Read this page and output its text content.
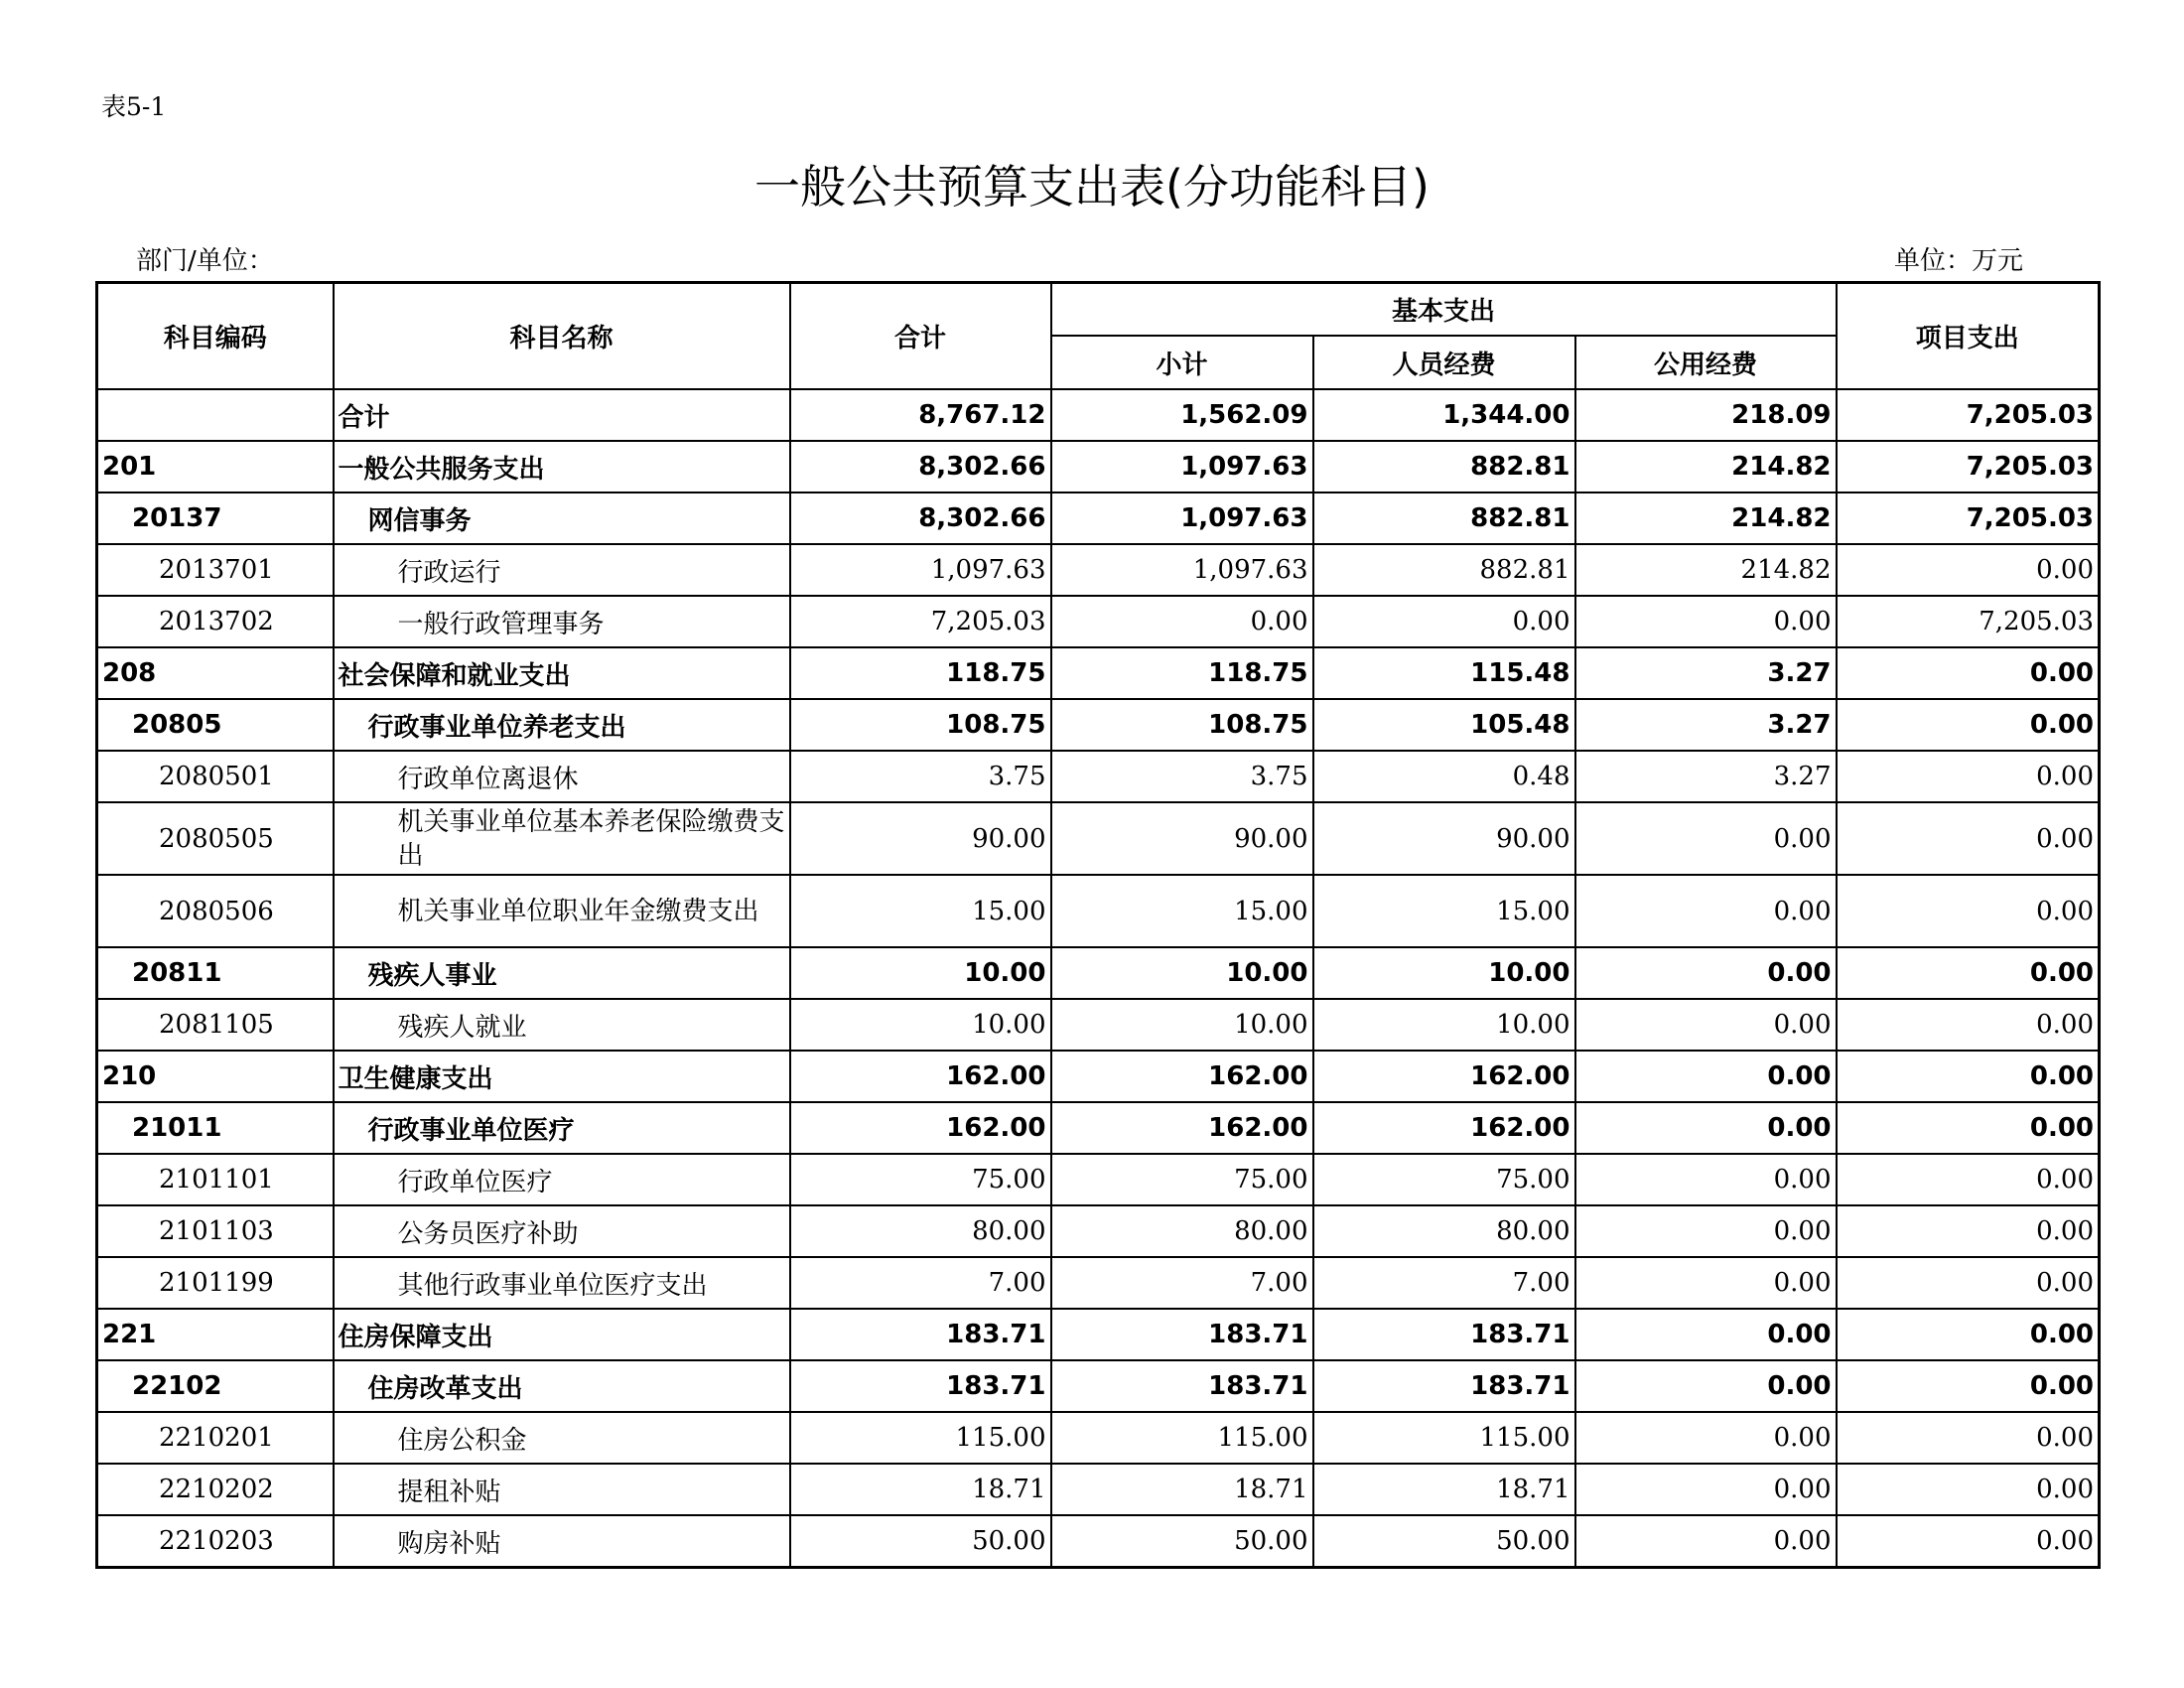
表5-1
一般公共预算支出表(分功能科目)
部门/单位：	单位：万元
科目编码	科目名称	合计	基本支出			项目支出
			小计	人员经费	公用经费	
	合计	8,767.12	1,562.09	1,344.00	218.09	7,205.03
201	一般公共服务支出	8,302.66	1,097.63	882.81	214.82	7,205.03
20137	网信事务	8,302.66	1,097.63	882.81	214.82	7,205.03
2013701	行政运行	1,097.63	1,097.63	882.81	214.82	0.00
2013702	一般行政管理事务	7,205.03	0.00	0.00	0.00	7,205.03
208	社会保障和就业支出	118.75	118.75	115.48	3.27	0.00
20805	行政事业单位养老支出	108.75	108.75	105.48	3.27	0.00
2080501	行政单位离退休	3.75	3.75	0.48	3.27	0.00
2080505	机关事业单位基本养老保险缴费支出	90.00	90.00	90.00	0.00	0.00
2080506	机关事业单位职业年金缴费支出	15.00	15.00	15.00	0.00	0.00
20811	残疾人事业	10.00	10.00	10.00	0.00	0.00
2081105	残疾人就业	10.00	10.00	10.00	0.00	0.00
210	卫生健康支出	162.00	162.00	162.00	0.00	0.00
21011	行政事业单位医疗	162.00	162.00	162.00	0.00	0.00
2101101	行政单位医疗	75.00	75.00	75.00	0.00	0.00
2101103	公务员医疗补助	80.00	80.00	80.00	0.00	0.00
2101199	其他行政事业单位医疗支出	7.00	7.00	7.00	0.00	0.00
221	住房保障支出	183.71	183.71	183.71	0.00	0.00
22102	住房改革支出	183.71	183.71	183.71	0.00	0.00
2210201	住房公积金	115.00	115.00	115.00	0.00	0.00
2210202	提租补贴	18.71	18.71	18.71	0.00	0.00
2210203	购房补贴	50.00	50.00	50.00	0.00	0.00
